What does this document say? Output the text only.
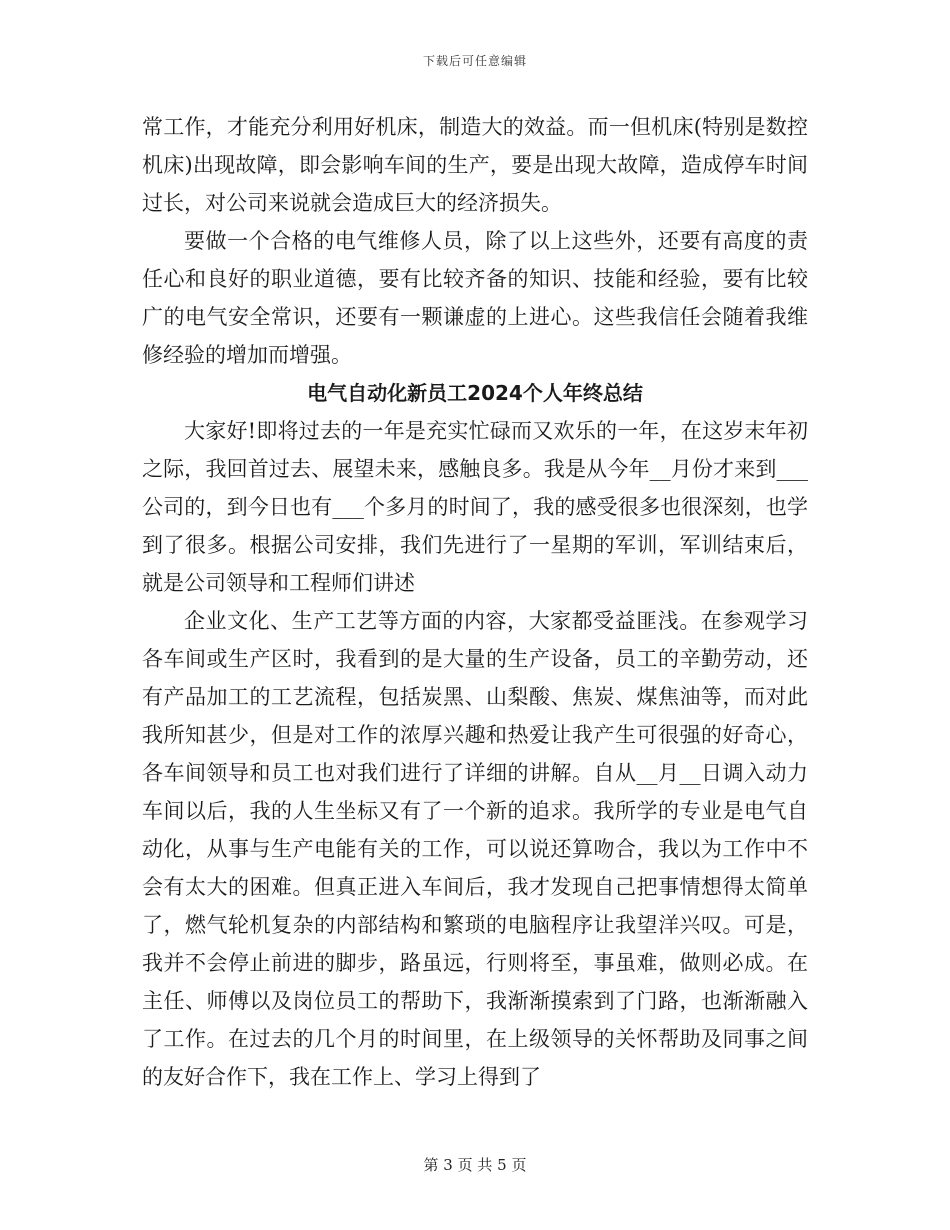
下载后可任意编辑

常工作，才能充分利用好机床，制造大的效益。而一但机床(特别是数控机床)出现故障，即会影响车间的生产，要是出现大故障，造成停车时间过长，对公司来说就会造成巨大的经济损失。

要做一个合格的电气维修人员，除了以上这些外，还要有高度的责任心和良好的职业道德，要有比较齐备的知识、技能和经验，要有比较广的电气安全常识，还要有一颗谦虚的上进心。这些我信任会随着我维修经验的增加而增强。

电气自动化新员工2024个人年终总结

大家好!即将过去的一年是充实忙碌而又欢乐的一年，在这岁末年初之际，我回首过去、展望未来，感触良多。我是从今年__月份才来到___公司的，到今日也有___个多月的时间了，我的感受很多也很深刻，也学到了很多。根据公司安排，我们先进行了一星期的军训，军训结束后，就是公司领导和工程师们讲述

企业文化、生产工艺等方面的内容，大家都受益匪浅。在参观学习各车间或生产区时，我看到的是大量的生产设备，员工的辛勤劳动，还有产品加工的工艺流程，包括炭黑、山梨酸、焦炭、煤焦油等，而对此我所知甚少，但是对工作的浓厚兴趣和热爱让我产生可很强的好奇心，各车间领导和员工也对我们进行了详细的讲解。自从__月__日调入动力车间以后，我的人生坐标又有了一个新的追求。我所学的专业是电气自动化，从事与生产电能有关的工作，可以说还算吻合，我以为工作中不会有太大的困难。但真正进入车间后，我才发现自己把事情想得太简单了，燃气轮机复杂的内部结构和繁琐的电脑程序让我望洋兴叹。可是，我并不会停止前进的脚步，路虽远，行则将至，事虽难，做则必成。在主任、师傅以及岗位员工的帮助下，我渐渐摸索到了门路，也渐渐融入了工作。在过去的几个月的时间里，在上级领导的关怀帮助及同事之间的友好合作下，我在工作上、学习上得到了

第 3 页 共 5 页
